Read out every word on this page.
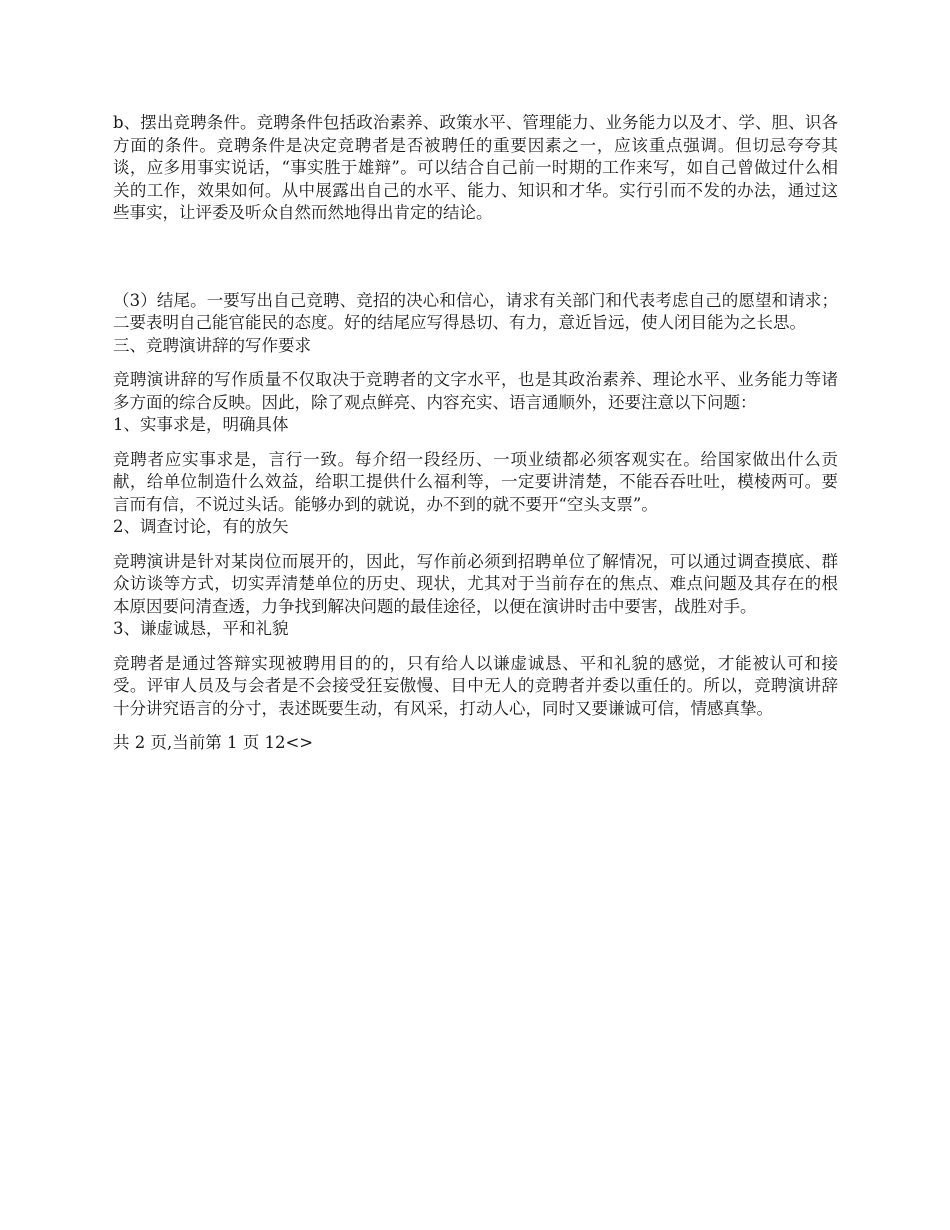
b、摆出竞聘条件。竞聘条件包括政治素养、政策水平、管理能力、业务能力以及才、学、胆、识各方面的条件。竞聘条件是决定竞聘者是否被聘任的重要因素之一，应该重点强调。但切忌夸夸其谈，应多用事实说话，“事实胜于雄辩”。可以结合自己前一时期的工作来写，如自己曾做过什么相关的工作，效果如何。从中展露出自己的水平、能力、知识和才华。实行引而不发的办法，通过这些事实，让评委及听众自然而然地得出肯定的结论。

（3）结尾。一要写出自己竞聘、竞招的决心和信心，请求有关部门和代表考虑自己的愿望和请求；二要表明自己能官能民的态度。好的结尾应写得恳切、有力，意近旨远，使人闭目能为之长思。

三、竞聘演讲辞的写作要求

竞聘演讲辞的写作质量不仅取决于竞聘者的文字水平，也是其政治素养、理论水平、业务能力等诸多方面的综合反映。因此，除了观点鲜亮、内容充实、语言通顺外，还要注意以下问题：

1、实事求是，明确具体

竞聘者应实事求是，言行一致。每介绍一段经历、一项业绩都必须客观实在。给国家做出什么贡献，给单位制造什么效益，给职工提供什么福利等，一定要讲清楚，不能吞吞吐吐，模棱两可。要言而有信，不说过头话。能够办到的就说，办不到的就不要开“空头支票”。

2、调查讨论，有的放矢

竞聘演讲是针对某岗位而展开的，因此，写作前必须到招聘单位了解情况，可以通过调查摸底、群众访谈等方式，切实弄清楚单位的历史、现状，尤其对于当前存在的焦点、难点问题及其存在的根本原因要问清查透，力争找到解决问题的最佳途径，以便在演讲时击中要害，战胜对手。

3、谦虚诚恳，平和礼貌

竞聘者是通过答辩实现被聘用目的的，只有给人以谦虚诚恳、平和礼貌的感觉，才能被认可和接受。评审人员及与会者是不会接受狂妄傲慢、目中无人的竞聘者并委以重任的。所以，竞聘演讲辞十分讲究语言的分寸，表述既要生动，有风采，打动人心，同时又要谦诚可信，情感真挚。

共 2 页,当前第 1 页 1 2 < >
